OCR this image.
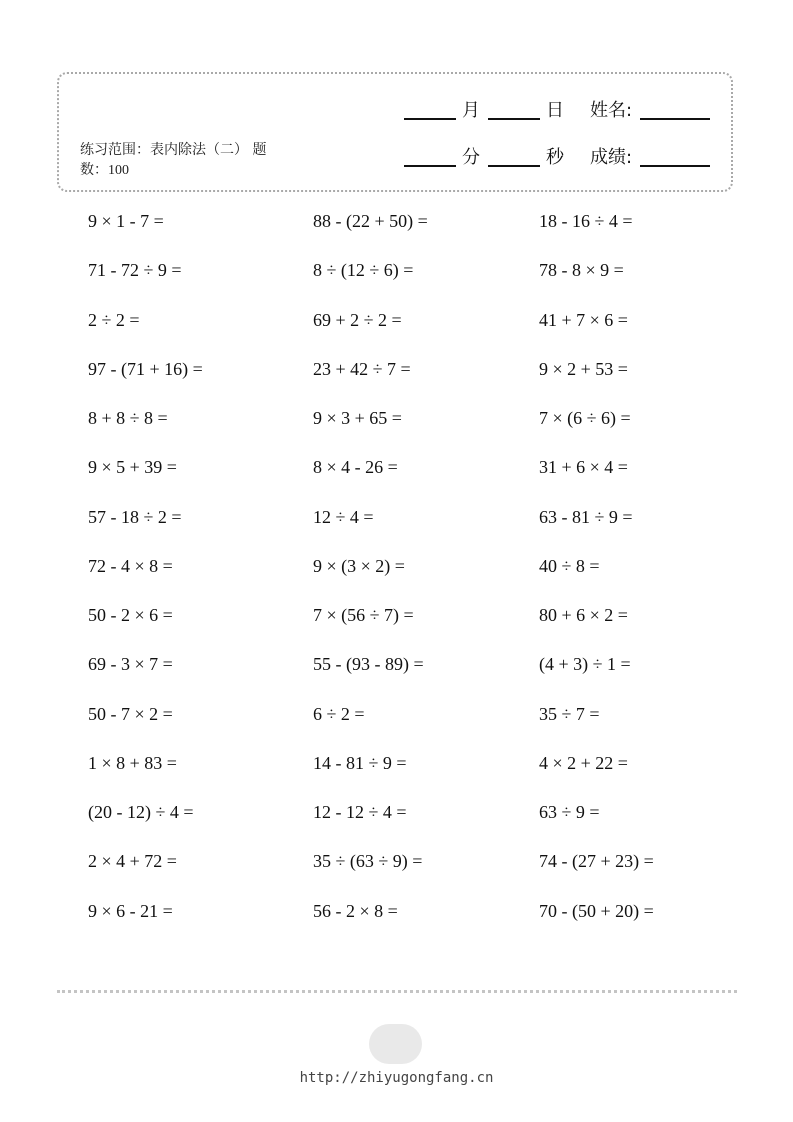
练习范围：表内除法（二） 题
数：100
月	日 姓名:
分	秒 成绩:
9 × 1 - 7 =
71 - 72 ÷ 9 =
2 ÷ 2 =
97 - (71 + 16) =
8 + 8 ÷ 8 =
9 × 5 + 39 =
57 - 18 ÷ 2 =
72 - 4 × 8 =
50 - 2 × 6 =
69 - 3 × 7 =
50 - 7 × 2 =
1 × 8 + 83 =
(20 - 12) ÷ 4 =
2 × 4 + 72 =
9 × 6 - 21 =
88 - (22 + 50) =
8 ÷ (12 ÷ 6) =
69 + 2 ÷ 2 =
23 + 42 ÷ 7 =
9 × 3 + 65 =
8 × 4 - 26 =
12 ÷ 4 =
9 × (3 × 2) =
7 × (56 ÷ 7) =
55 - (93 - 89) =
6 ÷ 2 =
14 - 81 ÷ 9 =
12 - 12 ÷ 4 =
35 ÷ (63 ÷ 9) =
56 - 2 × 8 =
18 - 16 ÷ 4 =
78 - 8 × 9 =
41 + 7 × 6 =
9 × 2 + 53 =
7 × (6 ÷ 6) =
31 + 6 × 4 =
63 - 81 ÷ 9 =
40 ÷ 8 =
80 + 6 × 2 =
(4 + 3) ÷ 1 =
35 ÷ 7 =
4 × 2 + 22 =
63 ÷ 9 =
74 - (27 + 23) =
70 - (50 + 20) =
http://zhiyugongfang.cn
